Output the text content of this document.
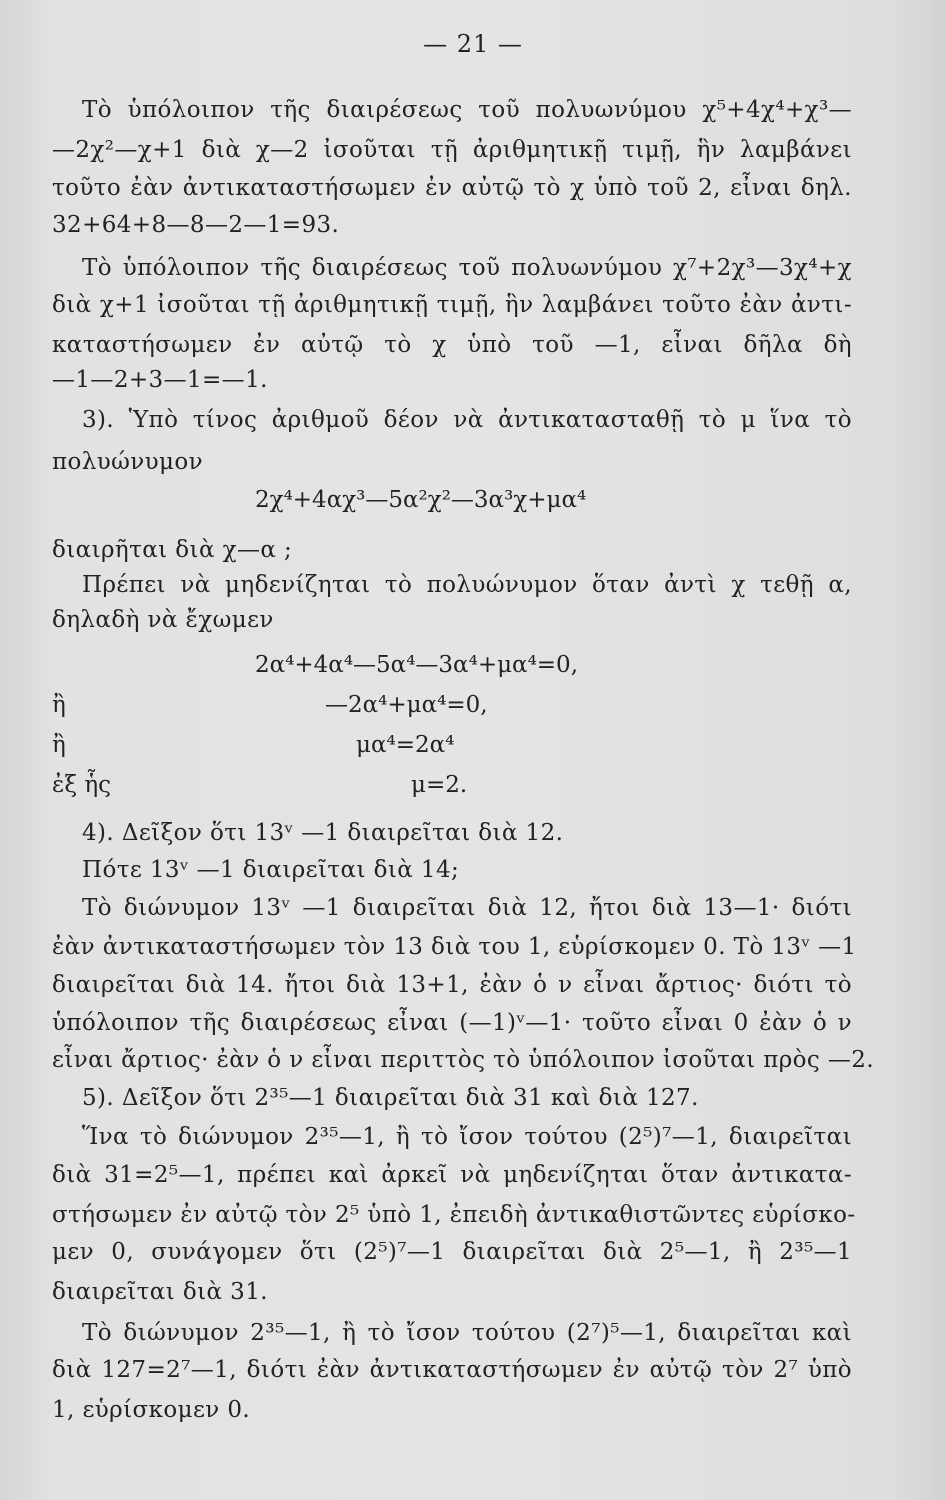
— 21 —
Τὸ ὑπόλοιπον τῆς διαιρέσεως τοῦ πολυωνύμου χ⁵+4χ⁴+χ³—
—2χ²—χ+1 διὰ χ—2 ἰσοῦται τῇ ἀριθμητικῇ τιμῇ, ἣν λαμβάνει
τοῦτο ἐὰν ἀντικαταστήσωμεν ἐν αὐτῷ τὸ χ ὑπὸ τοῦ 2, εἶναι δηλ.
32+64+8—8—2—1=93.
Τὸ ὑπόλοιπον τῆς διαιρέσεως τοῦ πολυωνύμου χ⁷+2χ³—3χ⁴+χ
διὰ χ+1 ἰσοῦται τῇ ἀριθμητικῇ τιμῇ, ἣν λαμβάνει τοῦτο ἐὰν ἀντι-
καταστήσωμεν ἐν αὐτῷ τὸ χ ὑπὸ τοῦ —1, εἶναι δῆλα δὴ
—1—2+3—1=—1.
3). Ὑπὸ τίνος ἀριθμοῦ δέον νὰ ἀντικατασταθῇ τὸ μ ἵνα τὸ
πολυώνυμον
2χ⁴+4αχ³—5α²χ²—3α³χ+μα⁴
διαιρῆται διὰ χ—α ;
Πρέπει νὰ μηδενίζηται τὸ πολυώνυμον ὅταν ἀντὶ χ τεθῇ α,
δηλαδὴ νὰ ἔχωμεν
2α⁴+4α⁴—5α⁴—3α⁴+μα⁴=0,
ἢ	—2α⁴+μα⁴=0,
ἢ	μα⁴=2α⁴
ἐξ ἧς	μ=2.
4). Δεῖξον ὅτι 13ᵛ —1 διαιρεῖται διὰ 12.
Πότε 13ᵛ —1 διαιρεῖται διὰ 14;
Τὸ διώνυμον 13ᵛ —1 διαιρεῖται διὰ 12, ἤτοι διὰ 13—1· διότι
ἐὰν ἀντικαταστήσωμεν τὸν 13 διὰ του 1, εὑρίσκομεν 0. Τὸ 13ᵛ —1
διαιρεῖται διὰ 14. ἤτοι διὰ 13+1, ἐὰν ὁ ν εἶναι ἄρτιος· διότι τὸ
ὑπόλοιπον τῆς διαιρέσεως εἶναι (—1)ᵛ—1· τοῦτο εἶναι 0 ἐὰν ὁ ν
εἶναι ἄρτιος· ἐὰν ὁ ν εἶναι περιττὸς τὸ ὑπόλοιπον ἰσοῦται πρὸς —2.
5). Δεῖξον ὅτι 2³⁵—1 διαιρεῖται διὰ 31 καὶ διὰ 127.
Ἵνα τὸ διώνυμον 2³⁵—1, ἢ τὸ ἴσον τούτου (2⁵)⁷—1, διαιρεῖται
διὰ 31=2⁵—1, πρέπει καὶ ἀρκεῖ νὰ μηδενίζηται ὅταν ἀντικατα-
στήσωμεν ἐν αὐτῷ τὸν 2⁵ ὑπὸ 1, ἐπειδὴ ἀντικαθιστῶντες εὑρίσκο-
μεν 0, συνάγομεν ὅτι (2⁵)⁷—1 διαιρεῖται διὰ 2⁵—1, ἢ 2³⁵—1
διαιρεῖται διὰ 31.
Τὸ διώνυμον 2³⁵—1, ἢ τὸ ἴσον τούτου (2⁷)⁵—1, διαιρεῖται καὶ
διὰ 127=2⁷—1, διότι ἐὰν ἀντικαταστήσωμεν ἐν αὐτῷ τὸν 2⁷ ὑπὸ
1, εὑρίσκομεν 0.
